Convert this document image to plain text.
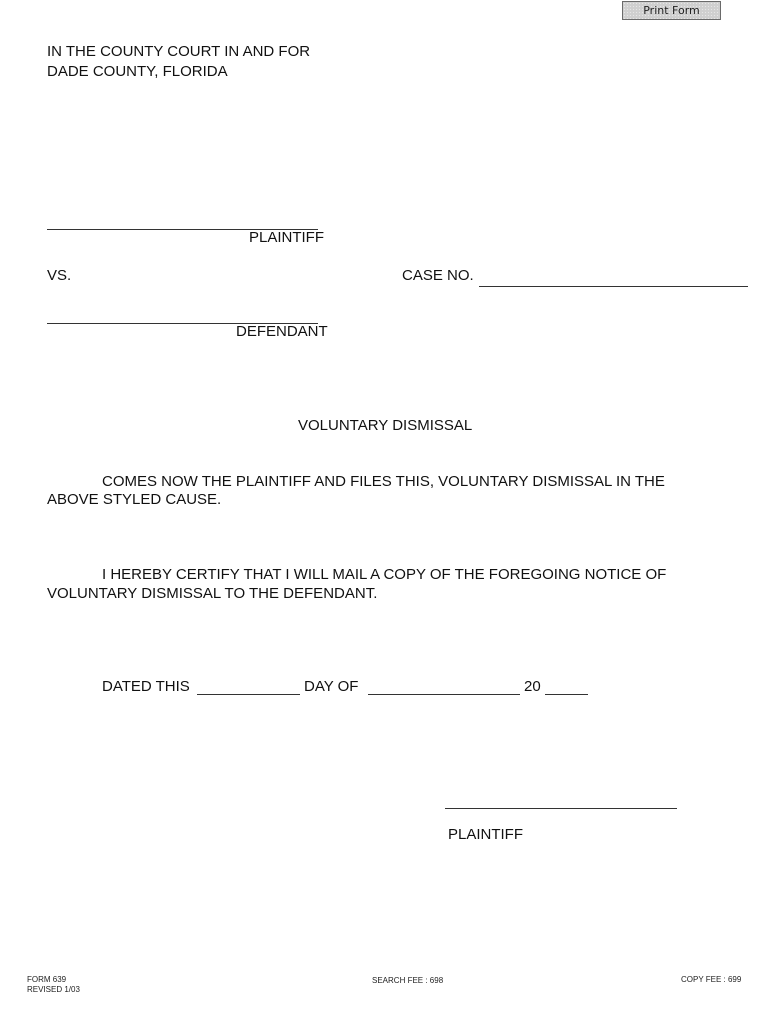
Print Form
IN THE COUNTY COURT IN AND FOR
DADE COUNTY, FLORIDA
PLAINTIFF
VS.	CASE NO.
DEFENDANT
VOLUNTARY DISMISSAL
COMES NOW THE PLAINTIFF AND FILES THIS, VOLUNTARY DISMISSAL IN THE
ABOVE STYLED CAUSE.
I HEREBY CERTIFY THAT I WILL MAIL A COPY OF THE FOREGOING NOTICE OF
VOLUNTARY DISMISSAL TO THE DEFENDANT.
DATED THIS	DAY OF	20
PLAINTIFF
FORM 639
REVISED 1/03
SEARCH FEE : 698	COPY FEE : 699
